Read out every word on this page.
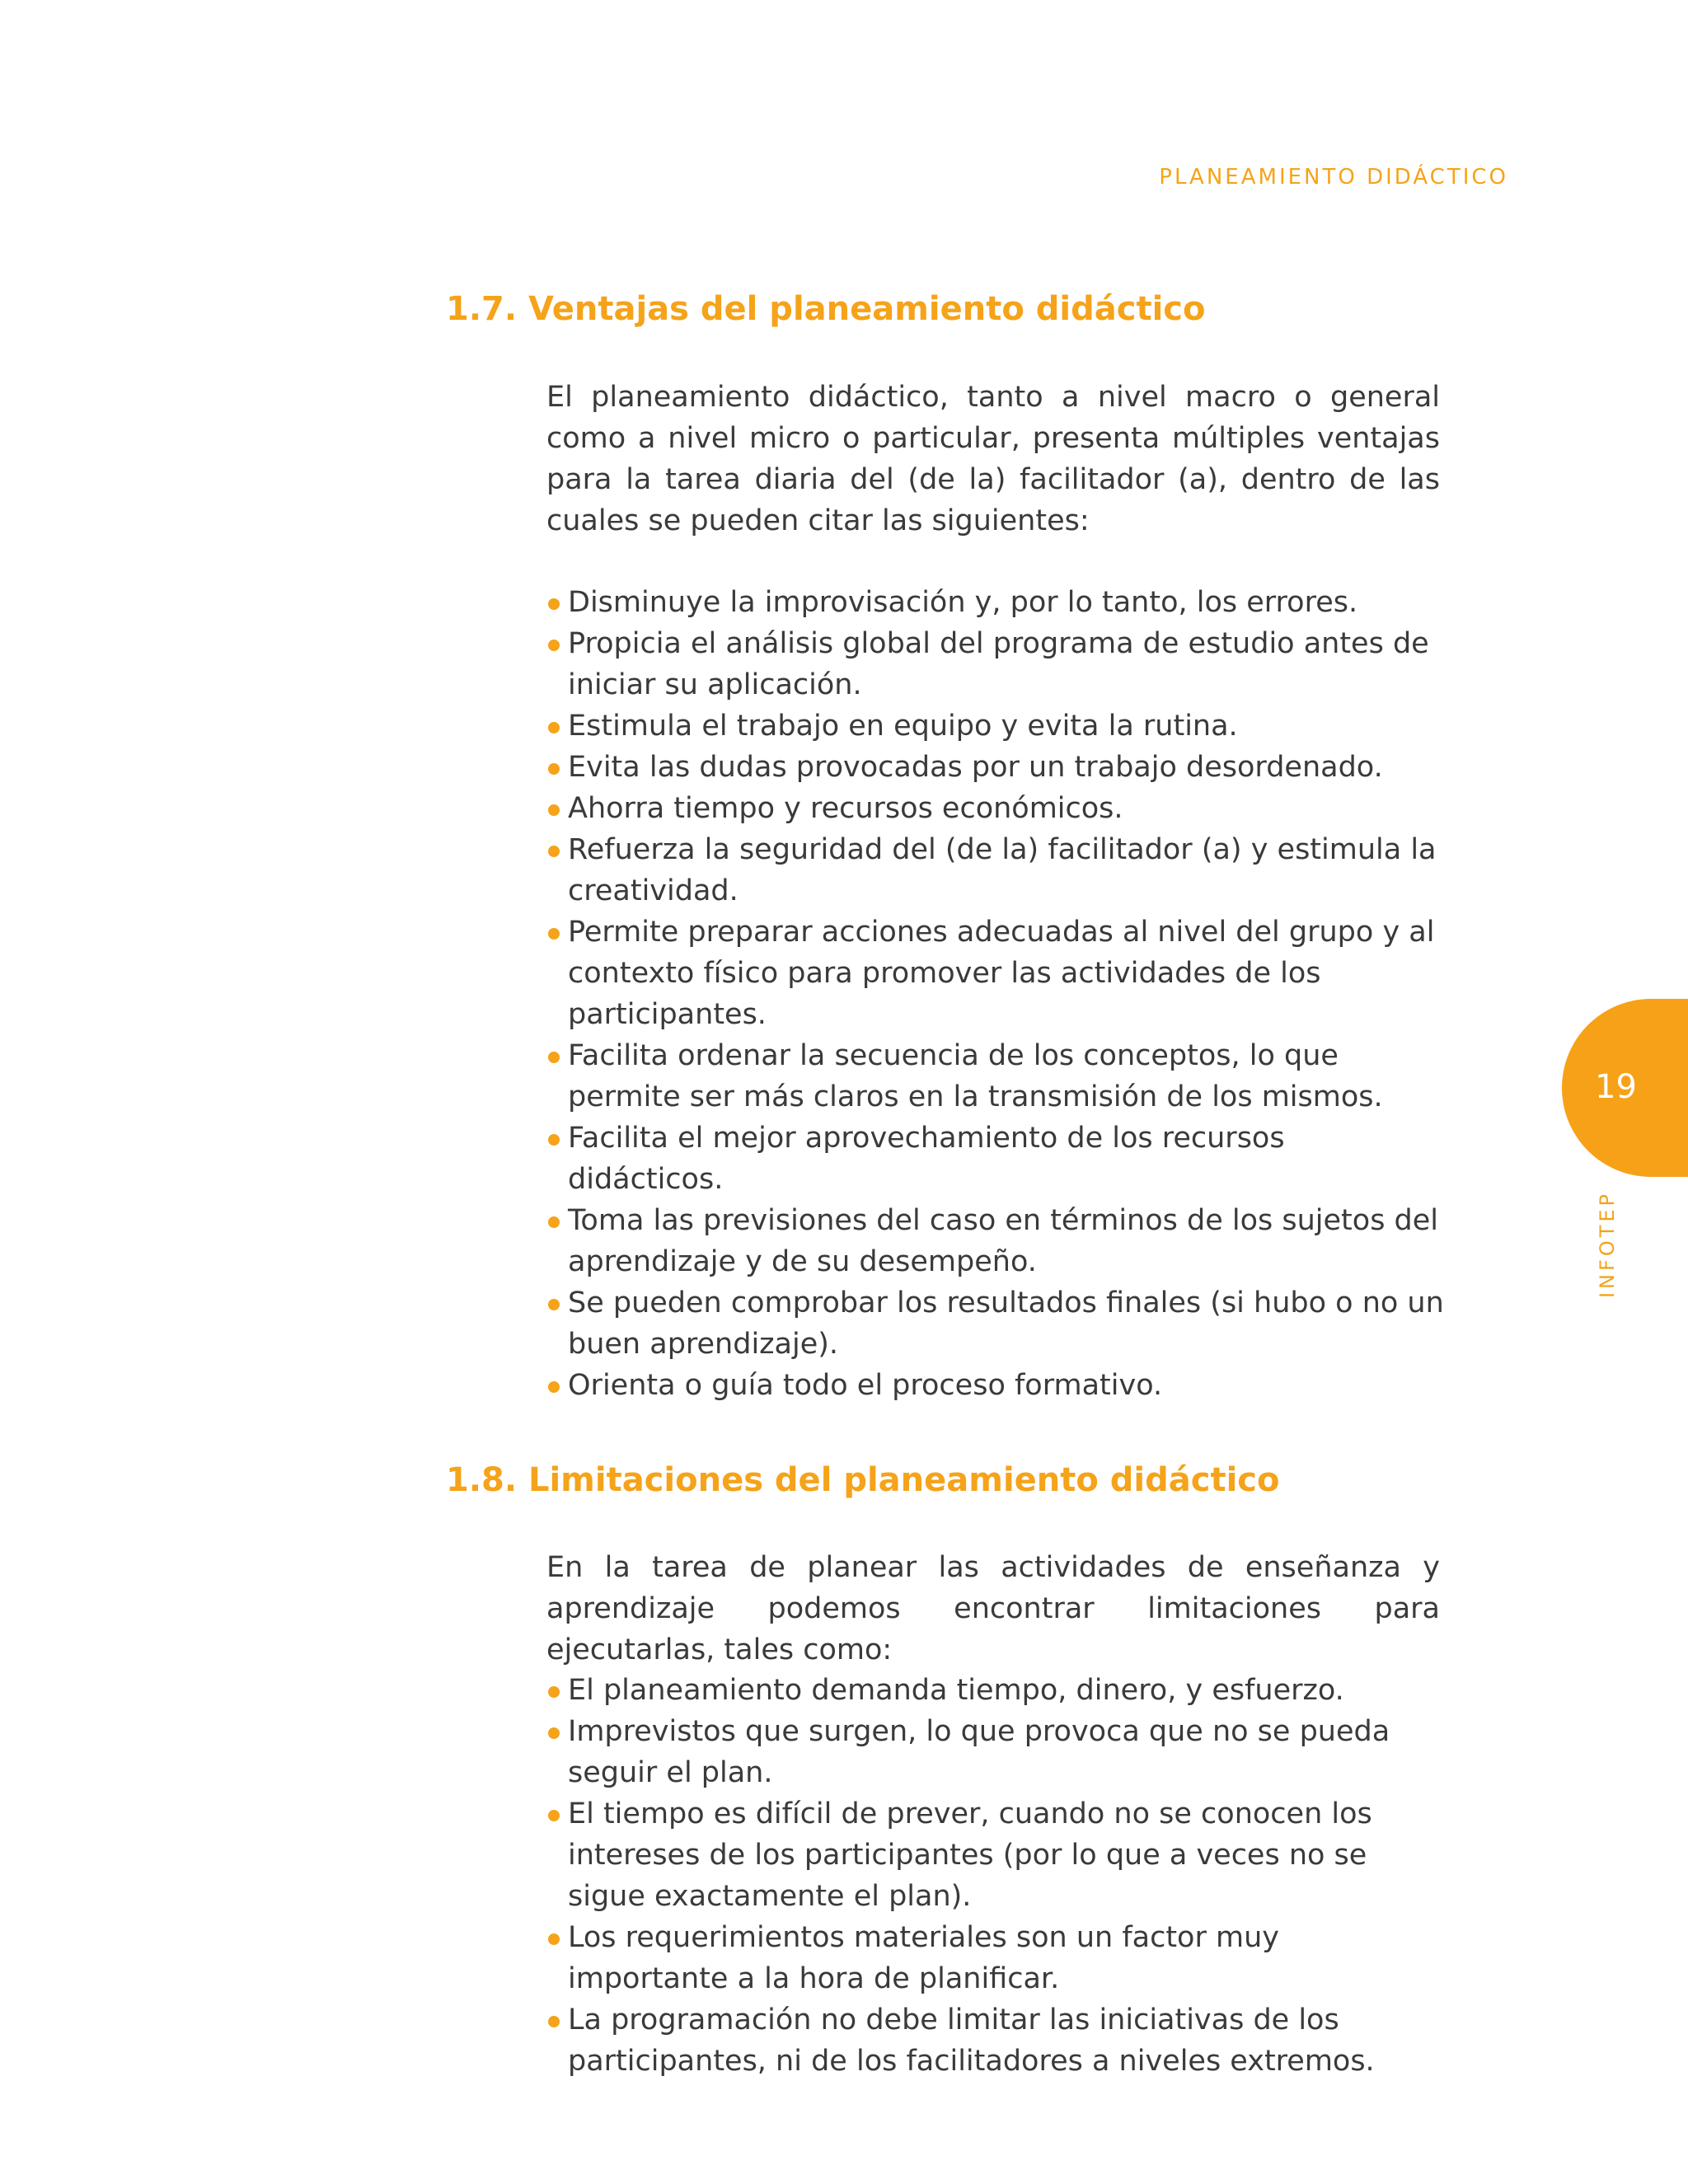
PLANEAMIENTO DIDÁCTICO
1.7. Ventajas del planeamiento didáctico

El planeamiento didáctico, tanto a nivel macro o general como a nivel micro o particular, presenta múltiples ventajas para la tarea diaria del (de la) facilitador (a), dentro de las cuales se pueden citar las siguientes:

Disminuye la improvisación y, por lo tanto, los errores.
Propicia el análisis global del programa de estudio antes de iniciar su aplicación.
Estimula el trabajo en equipo y evita la rutina.
Evita las dudas provocadas por un trabajo desordenado.
Ahorra tiempo y recursos económicos.
Refuerza la seguridad del (de la) facilitador (a) y estimula la creatividad.
Permite preparar acciones adecuadas al nivel del grupo y al contexto físico para promover las actividades de los participantes.
Facilita ordenar la secuencia de los conceptos, lo que permite ser más claros en la transmisión de los mismos.
Facilita el mejor aprovechamiento de los recursos didácticos.
Toma las previsiones del caso en términos de los sujetos del aprendizaje y de su desempeño.
Se pueden comprobar los resultados finales (si hubo o no un buen aprendizaje).
Orienta o guía todo el proceso formativo.
1.8. Limitaciones del planeamiento didáctico

En la tarea de planear las actividades de enseñanza y aprendizaje podemos encontrar limitaciones para ejecutarlas, tales como:

El planeamiento demanda tiempo, dinero, y esfuerzo.
Imprevistos que surgen, lo que provoca que no se pueda seguir el plan.
El tiempo es difícil de prever, cuando no se conocen los intereses de los participantes (por lo que a veces no se sigue exactamente el plan).
Los requerimientos materiales son un factor muy importante a la hora de planificar.
La programación no debe limitar las iniciativas de los participantes, ni de los facilitadores a niveles extremos.
19
INFOTEP
